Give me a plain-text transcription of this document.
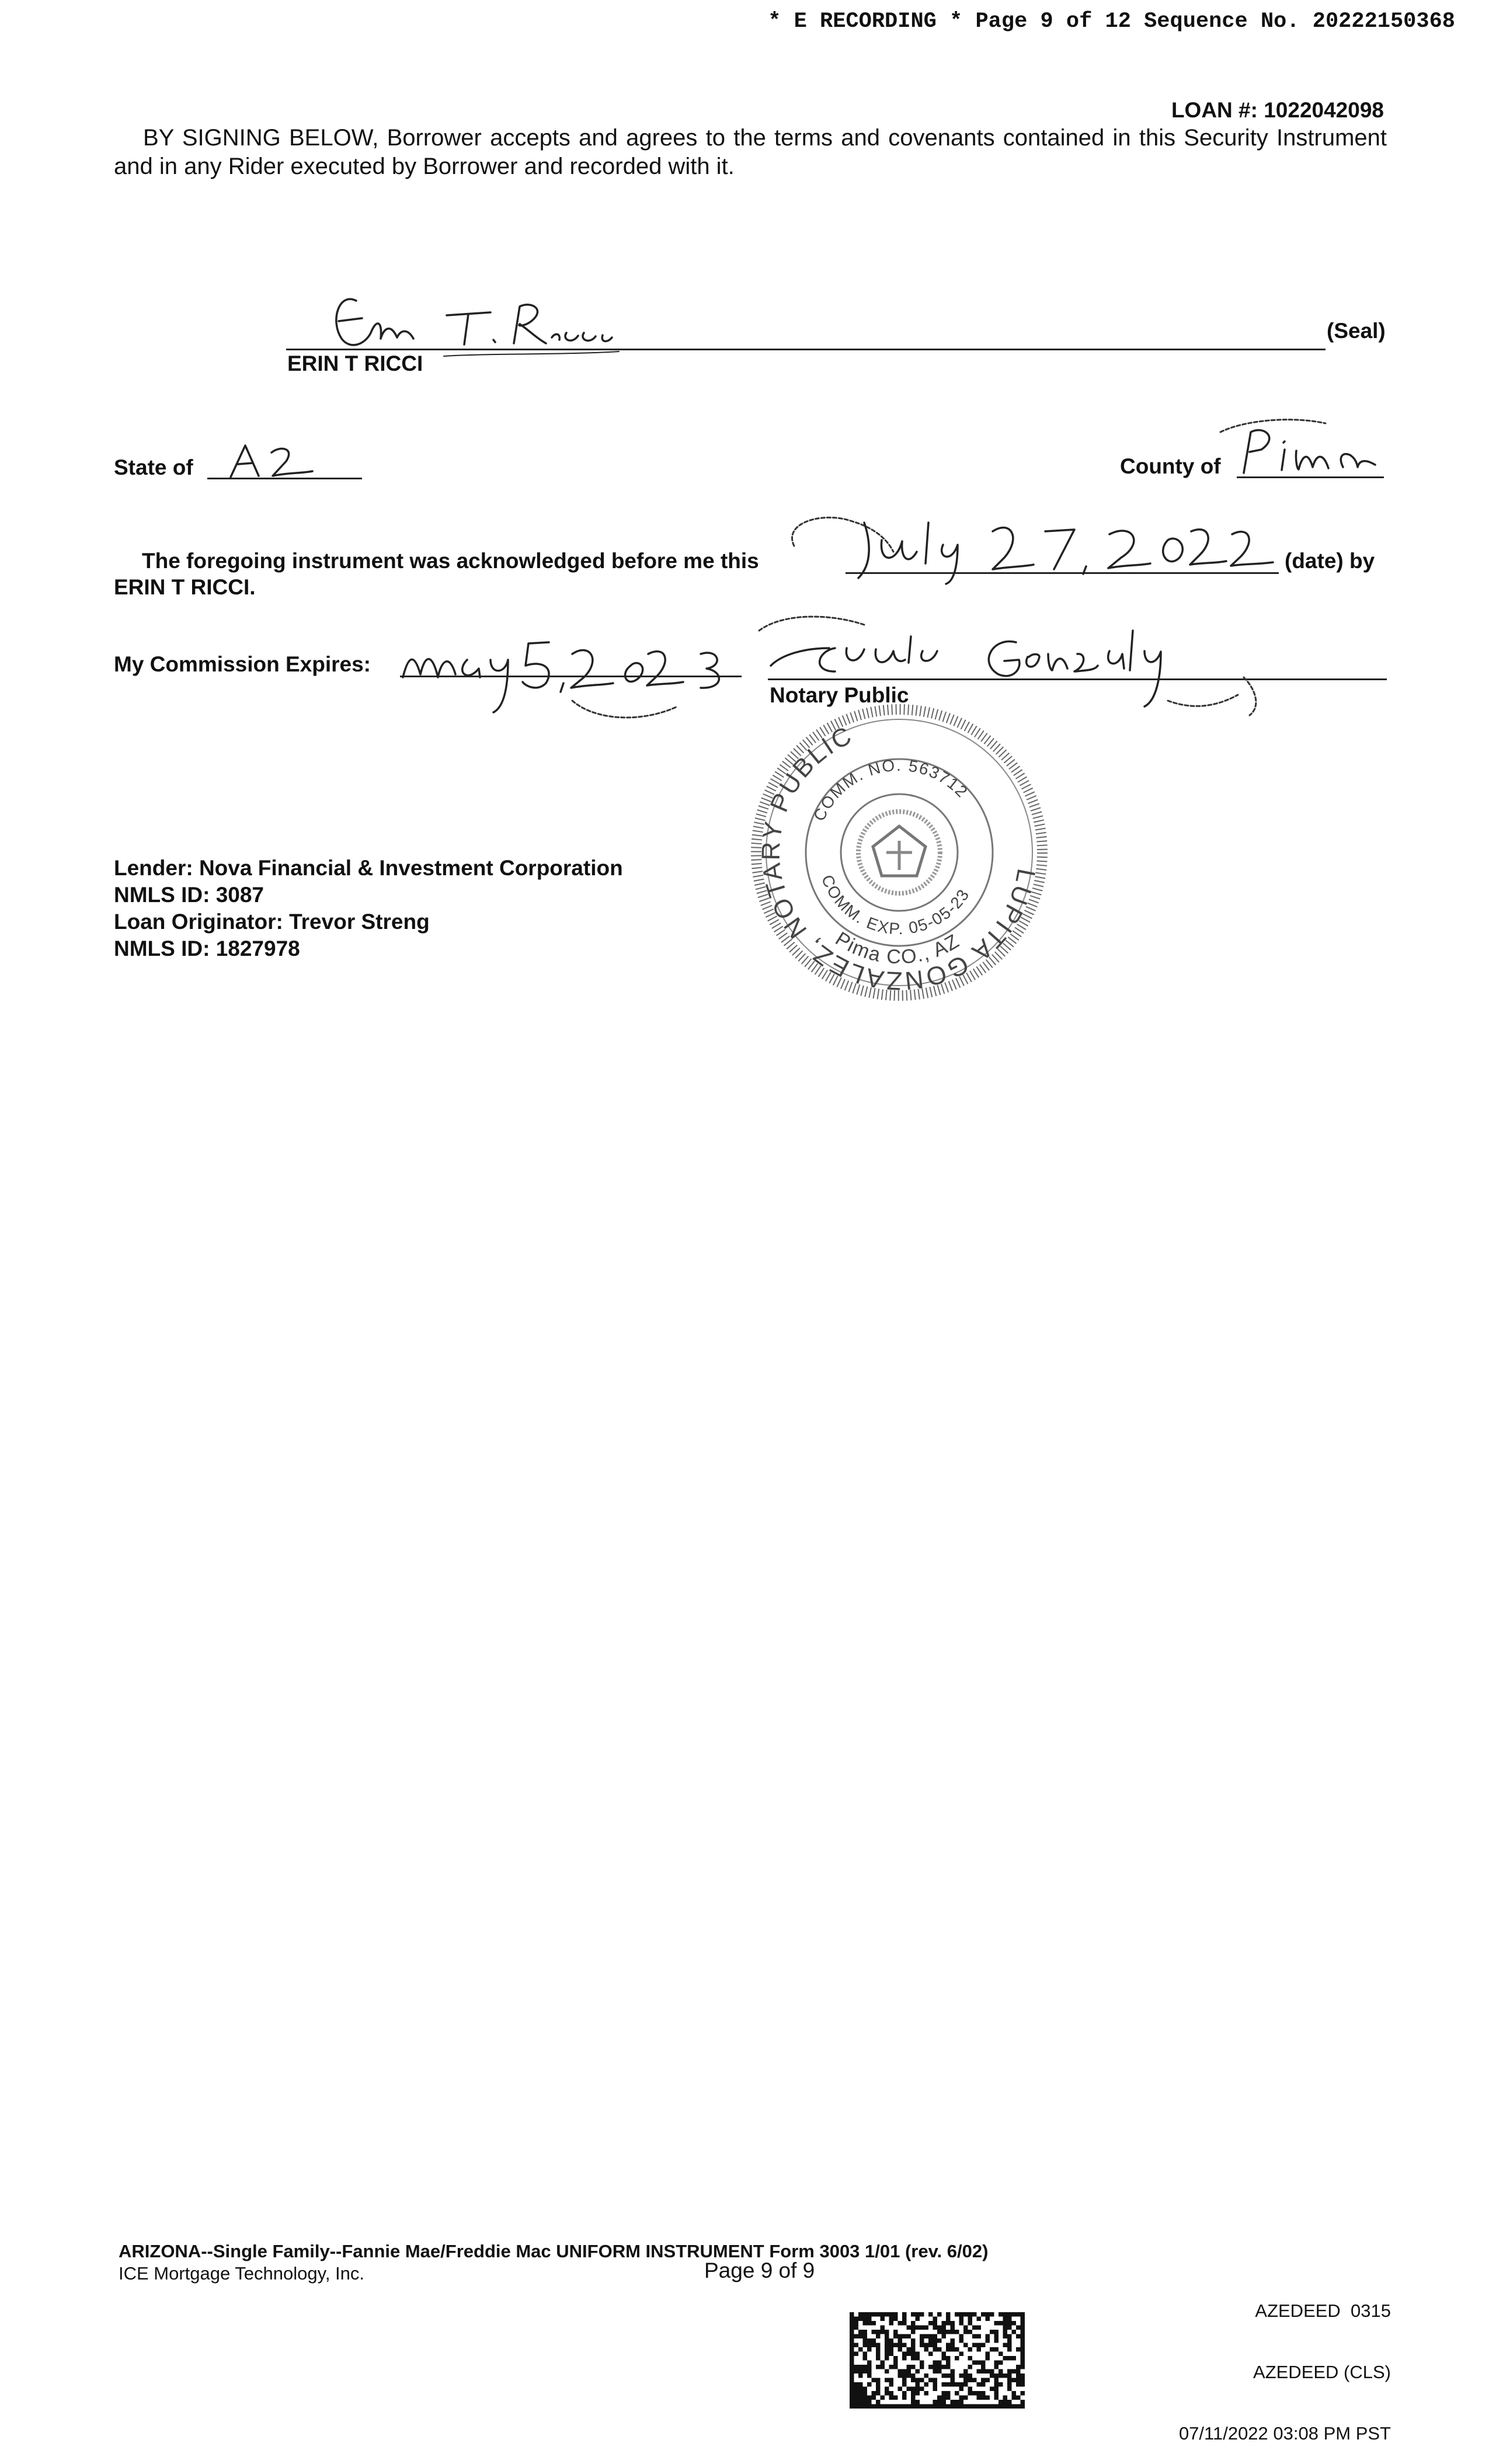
* E RECORDING * Page 9 of 12 Sequence No. 20222150368
LOAN #: 1022042098
BY SIGNING BELOW, Borrower accepts and agrees to the terms and covenants contained in this Security Instrument and in any Rider executed by Borrower and recorded with it.
(Seal)
ERIN T RICCI
State of	County of
The foregoing instrument was acknowledged before me this	(date) by
ERIN T RICCI.
My Commission Expires:
Notary Public
LUPITA GONZALEZ, NOTARY PUBLIC
COMM. NO. 563712
COMM. EXP. 05-05-23
Pima CO., AZ
Lender: Nova Financial & Investment Corporation
NMLS ID: 3087
Loan Originator: Trevor Streng
NMLS ID: 1827978
ARIZONA--Single Family--Fannie Mae/Freddie Mac UNIFORM INSTRUMENT Form 3003 1/01 (rev. 6/02)
ICE Mortgage Technology, Inc.	Page 9 of 9

AZEDEED  0315

AZEDEED (CLS)

07/11/2022 03:08 PM PST
